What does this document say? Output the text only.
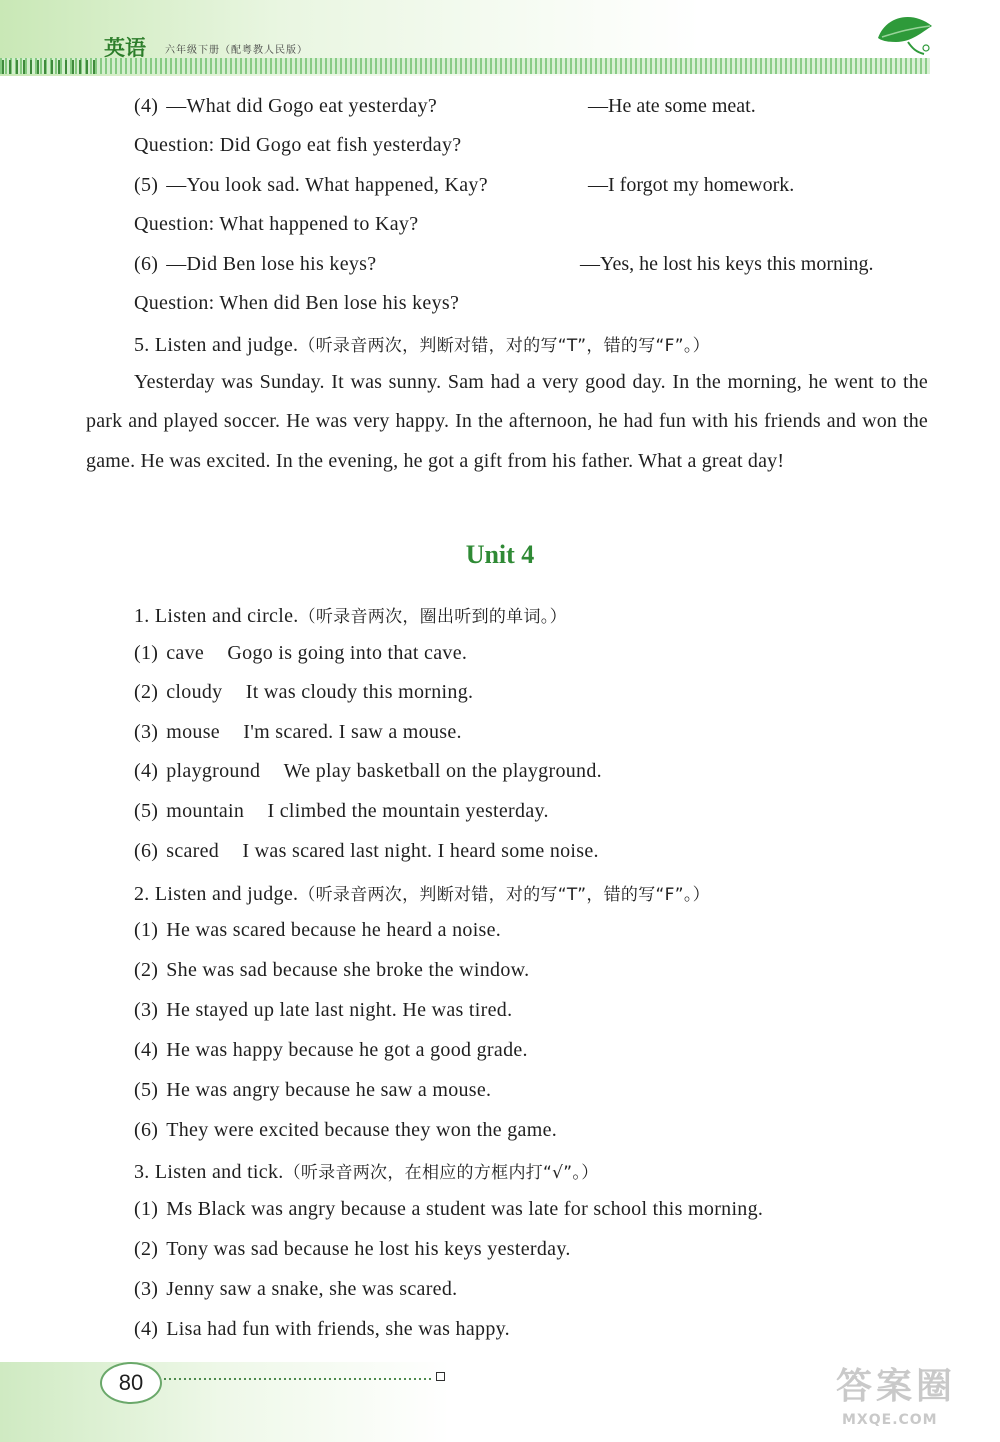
英语 六年级下册（配粤教人民版）
(4) —What did Gogo eat yesterday?	—He ate some meat.
Question: Did Gogo eat fish yesterday?
(5) —You look sad. What happened, Kay?	—I forgot my homework.
Question: What happened to Kay?
(6) —Did Ben lose his keys?	—Yes, he lost his keys this morning.
Question: When did Ben lose his keys?
5. Listen and judge.（听录音两次，判断对错，对的写“T”，错的写“F”。）
Yesterday was Sunday. It was sunny. Sam had a very good day. In the morning, he went to the park and played soccer. He was very happy. In the afternoon, he had fun with his friends and won the game. He was excited. In the evening, he got a gift from his father. What a great day!
Unit 4
1. Listen and circle.（听录音两次，圈出听到的单词。）
(1) cave Gogo is going into that cave.
(2) cloudy It was cloudy this morning.
(3) mouse I'm scared. I saw a mouse.
(4) playground We play basketball on the playground.
(5) mountain I climbed the mountain yesterday.
(6) scared I was scared last night. I heard some noise.
2. Listen and judge.（听录音两次，判断对错，对的写“T”，错的写“F”。）
(1) He was scared because he heard a noise.
(2) She was sad because she broke the window.
(3) He stayed up late last night. He was tired.
(4) He was happy because he got a good grade.
(5) He was angry because he saw a mouse.
(6) They were excited because they won the game.
3. Listen and tick.（听录音两次，在相应的方框内打“√”。）
(1) Ms Black was angry because a student was late for school this morning.
(2) Tony was sad because he lost his keys yesterday.
(3) Jenny saw a snake, she was scared.
(4) Lisa had fun with friends, she was happy.
80	答案圈
MXQE.COM
